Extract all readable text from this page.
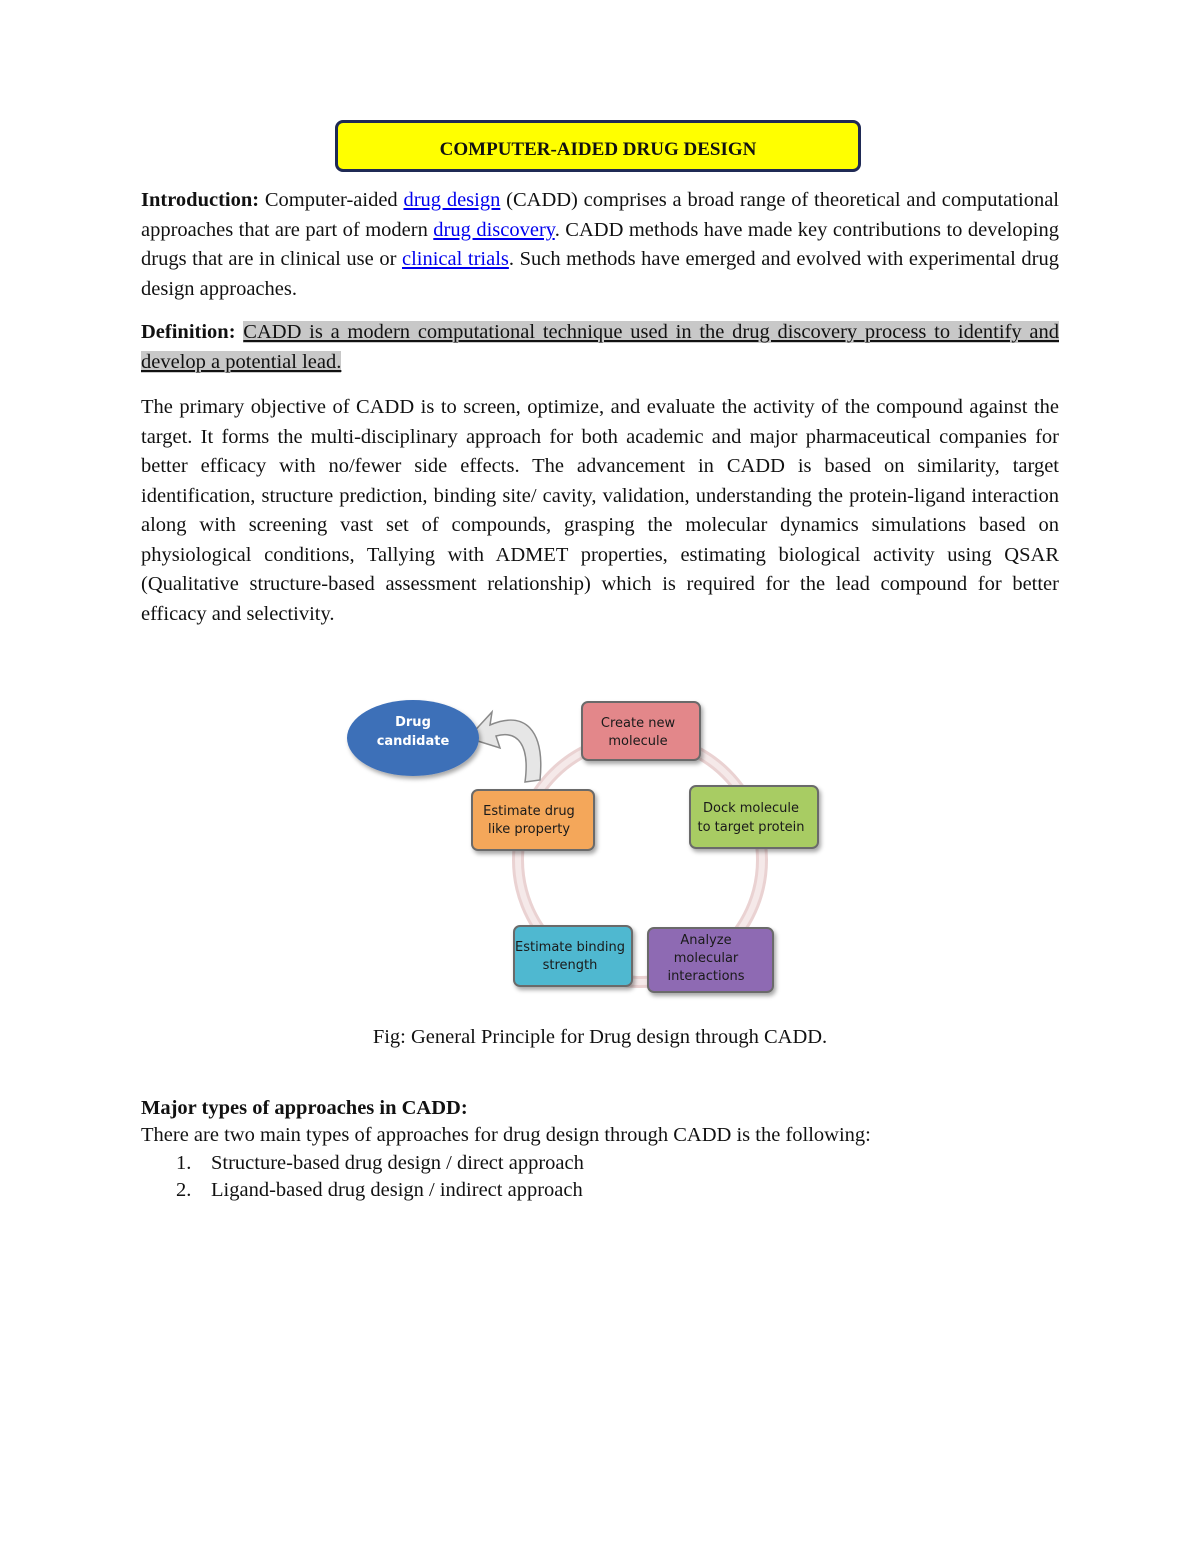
COMPUTER-AIDED DRUG DESIGN

Introduction: Computer-aided drug design (CADD) comprises a broad range of theoretical and computational approaches that are part of modern drug discovery. CADD methods have made key contributions to developing drugs that are in clinical use or clinical trials. Such methods have emerged and evolved with experimental drug design approaches.

Definition: CADD is a modern computational technique used in the drug discovery process to identify and develop a potential lead.

The primary objective of CADD is to screen, optimize, and evaluate the activity of the compound against the target. It forms the multi-disciplinary approach for both academic and major pharmaceutical companies for better efficacy with no/fewer side effects. The advancement in CADD is based on similarity, target identification, structure prediction, binding site/ cavity, validation, understanding the protein-ligand interaction along with screening vast set of compounds, grasping the molecular dynamics simulations based on physiological conditions, Tallying with ADMET properties, estimating biological activity using QSAR (Qualitative structure-based assessment relationship) which is required for the lead compound for better efficacy and selectivity.

Drug
candidate
Create new
molecule
Dock molecule
to target protein
Analyze
molecular
interactions
Estimate binding
strength
Estimate drug
like property
Fig: General Principle for Drug design through CADD.
Major types of approaches in CADD:
There are two main types of approaches for drug design through CADD is the following:
1. Structure-based drug design / direct approach
2. Ligand-based drug design / indirect approach
